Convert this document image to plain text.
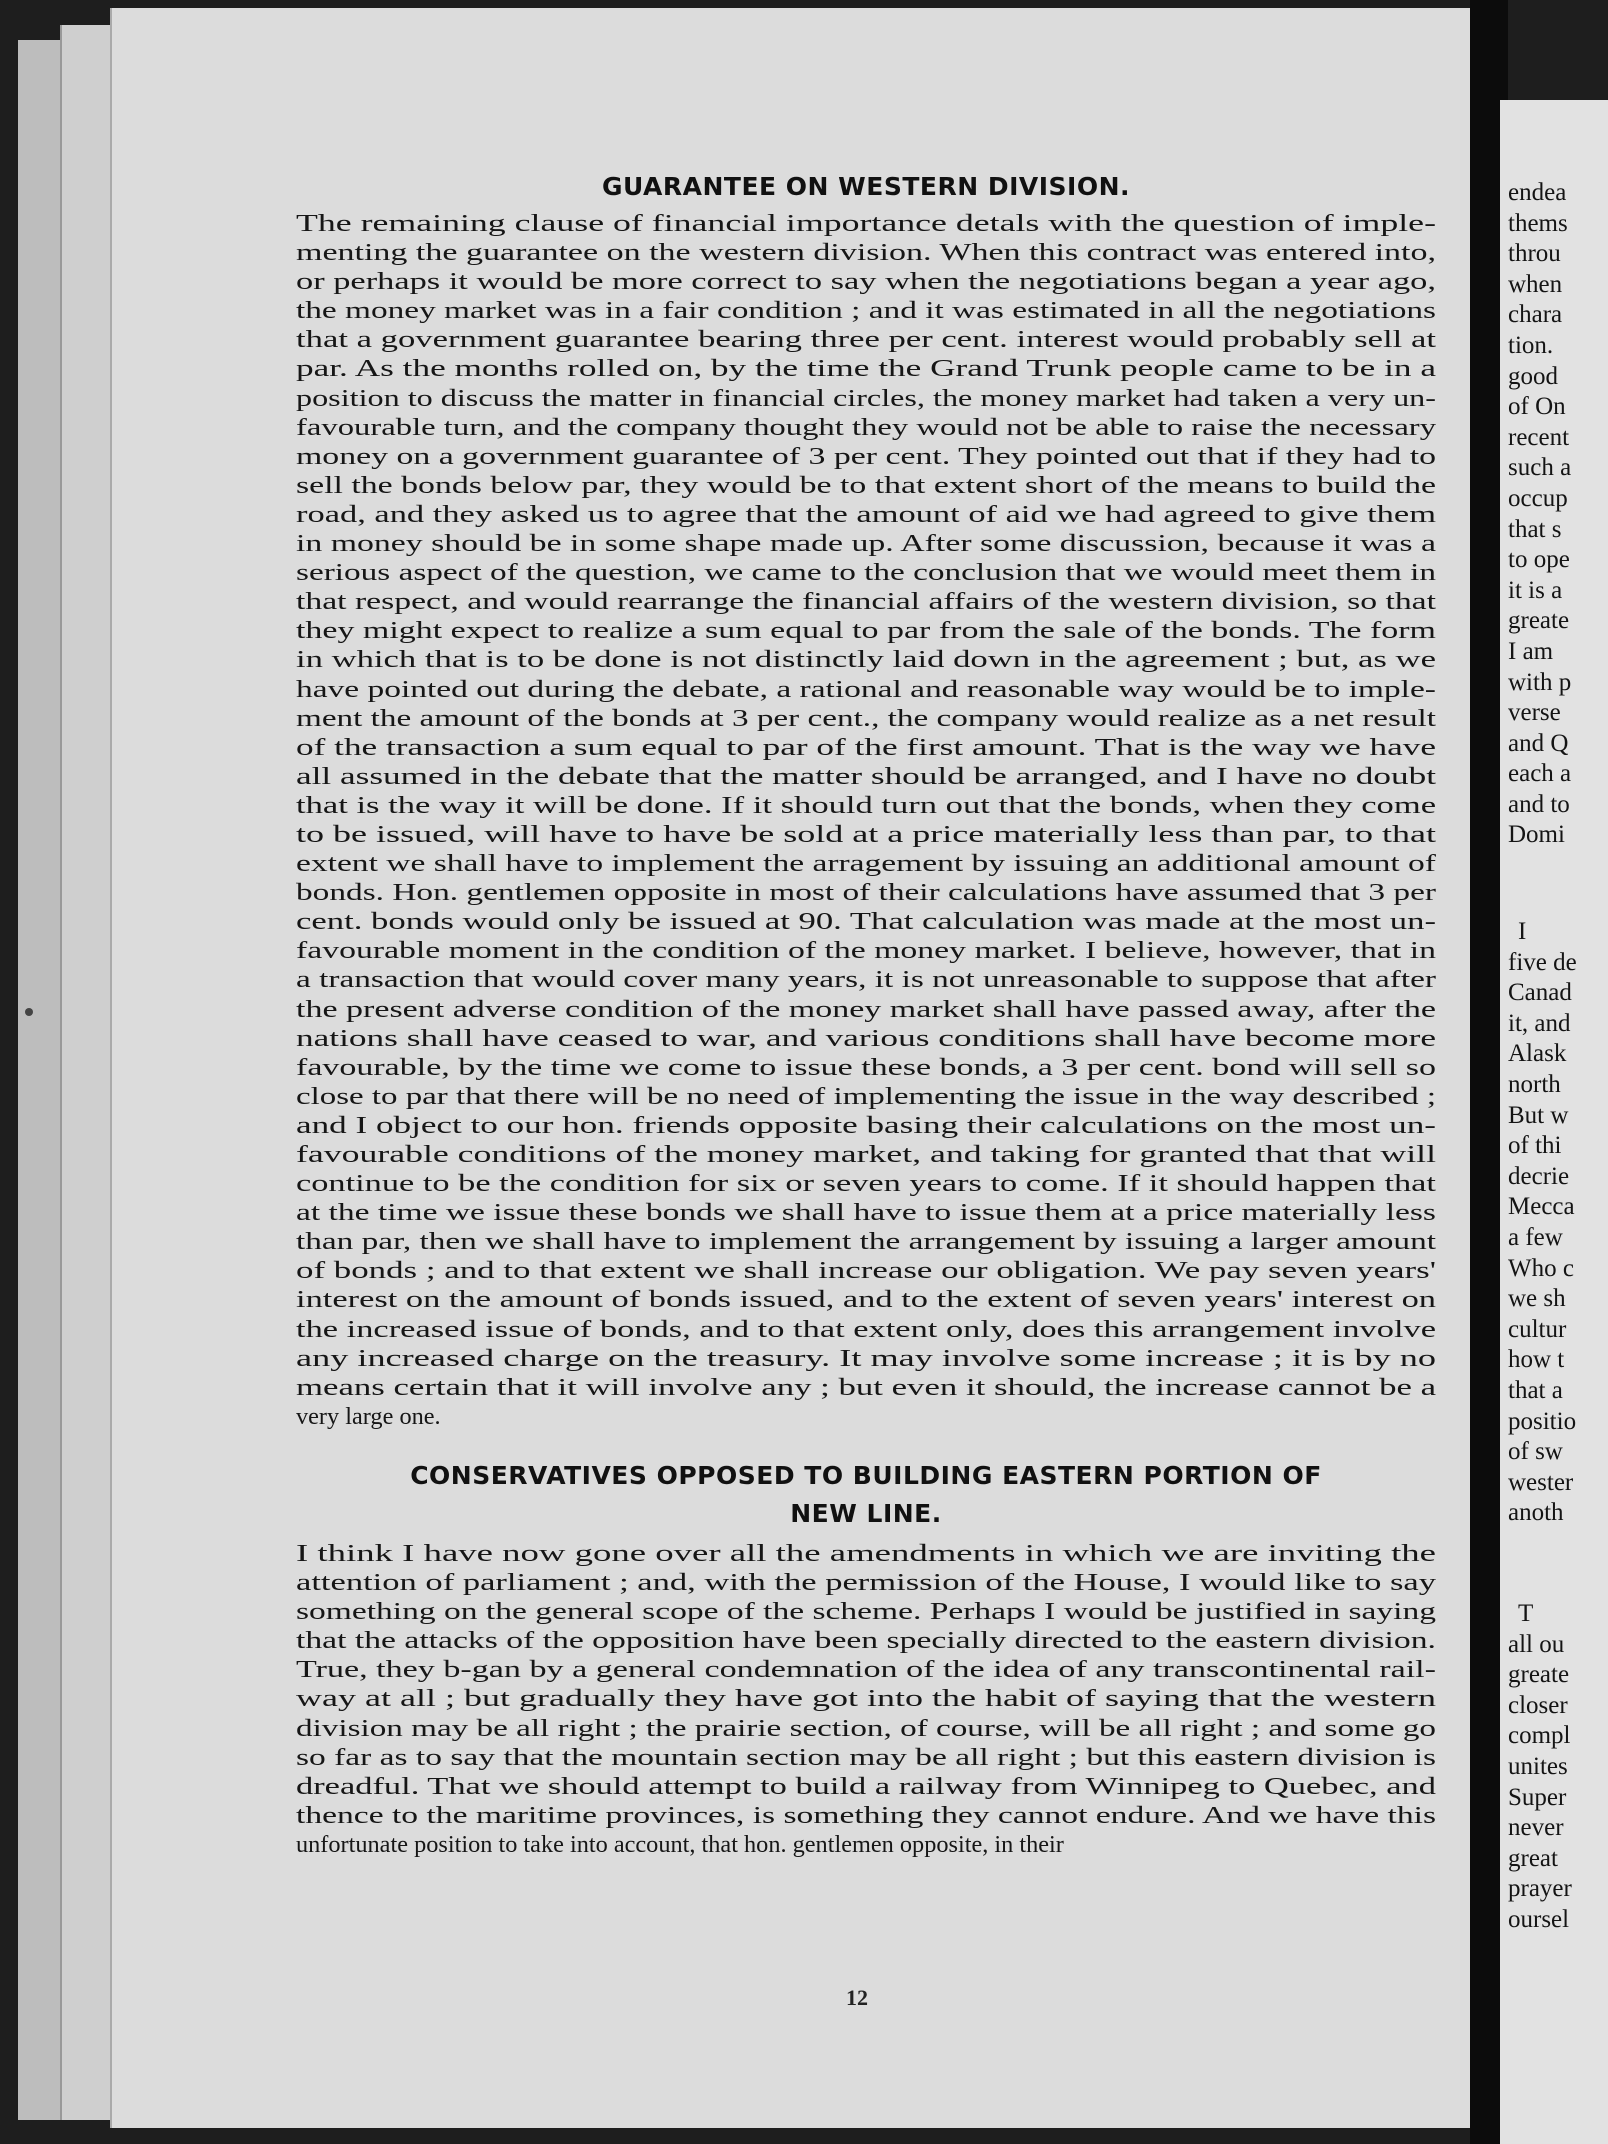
GUARANTEE ON WESTERN DIVISION.
The remaining clause of financial importance detals with the question of imple-
menting the guarantee on the western division. When this contract was entered into,
or perhaps it would be more correct to say when the negotiations began a year ago,
the money market was in a fair condition ; and it was estimated in all the negotiations
that a government guarantee bearing three per cent. interest would probably sell at
par. As the months rolled on, by the time the Grand Trunk people came to be in a
position to discuss the matter in financial circles, the money market had taken a very un-
favourable turn, and the company thought they would not be able to raise the necessary
money on a government guarantee of 3 per cent. They pointed out that if they had to
sell the bonds below par, they would be to that extent short of the means to build the
road, and they asked us to agree that the amount of aid we had agreed to give them
in money should be in some shape made up. After some discussion, because it was a
serious aspect of the question, we came to the conclusion that we would meet them in
that respect, and would rearrange the financial affairs of the western division, so that
they might expect to realize a sum equal to par from the sale of the bonds. The form
in which that is to be done is not distinctly laid down in the agreement ; but, as we
have pointed out during the debate, a rational and reasonable way would be to imple-
ment the amount of the bonds at 3 per cent., the company would realize as a net result
of the transaction a sum equal to par of the first amount. That is the way we have
all assumed in the debate that the matter should be arranged, and I have no doubt
that is the way it will be done. If it should turn out that the bonds, when they come
to be issued, will have to have be sold at a price materially less than par, to that
extent we shall have to implement the arragement by issuing an additional amount of
bonds. Hon. gentlemen opposite in most of their calculations have assumed that 3 per
cent. bonds would only be issued at 90. That calculation was made at the most un-
favourable moment in the condition of the money market. I believe, however, that in
a transaction that would cover many years, it is not unreasonable to suppose that after
the present adverse condition of the money market shall have passed away, after the
nations shall have ceased to war, and various conditions shall have become more
favourable, by the time we come to issue these bonds, a 3 per cent. bond will sell so
close to par that there will be no need of implementing the issue in the way described ;
and I object to our hon. friends opposite basing their calculations on the most un-
favourable conditions of the money market, and taking for granted that that will
continue to be the condition for six or seven years to come. If it should happen that
at the time we issue these bonds we shall have to issue them at a price materially less
than par, then we shall have to implement the arrangement by issuing a larger amount
of bonds ; and to that extent we shall increase our obligation. We pay seven years'
interest on the amount of bonds issued, and to the extent of seven years' interest on
the increased issue of bonds, and to that extent only, does this arrangement involve
any increased charge on the treasury. It may involve some increase ; it is by no
means certain that it will involve any ; but even it should, the increase cannot be a
very large one.
CONSERVATIVES OPPOSED TO BUILDING EASTERN PORTION OF
NEW LINE.
I think I have now gone over all the amendments in which we are inviting the
attention of parliament ; and, with the permission of the House, I would like to say
something on the general scope of the scheme. Perhaps I would be justified in saying
that the attacks of the opposition have been specially directed to the eastern division.
True, they b-gan by a general condemnation of the idea of any transcontinental rail-
way at all ; but gradually they have got into the habit of saying that the western
division may be all right ; the prairie section, of course, will be all right ; and some go
so far as to say that the mountain section may be all right ; but this eastern division is
dreadful. That we should attempt to build a railway from Winnipeg to Quebec, and
thence to the maritime provinces, is something they cannot endure. And we have this
unfortunate position to take into account, that hon. gentlemen opposite, in their
12
endea
thems
throu
when
chara
tion.
good
of On
recent
such a
occup
that s
to ope
it is a
greate
I am
with p
verse
and Q
each a
and to
Domi
I
five de
Canad
it, and
Alask
north
But w
of thi
decrie
Mecca
a few
Who c
we sh
cultur
how t
that a
positio
of sw
wester
anoth
T
all ou
greate
closer
compl
unites
Super
never
great
prayer
oursel
